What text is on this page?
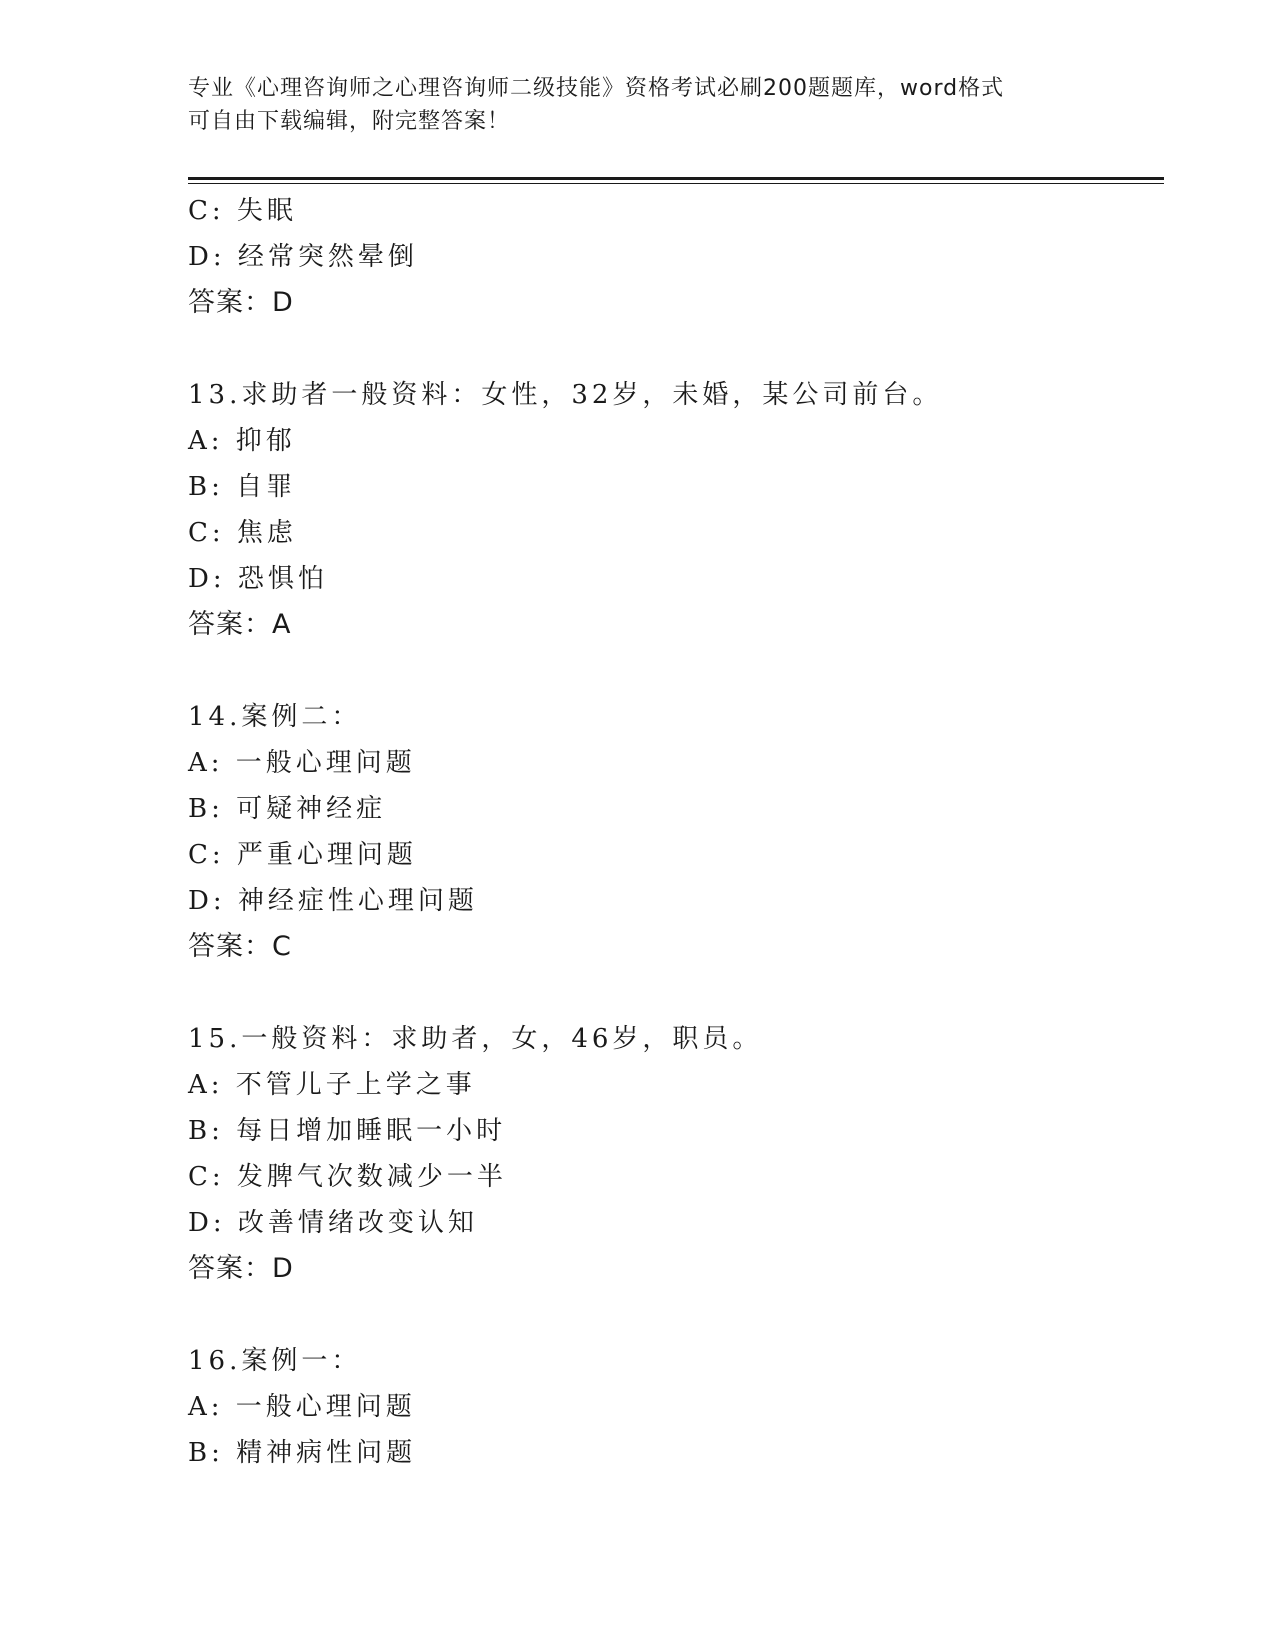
专业《心理咨询师之心理咨询师二级技能》资格考试必刷200题题库，word格式
可自由下载编辑，附完整答案！
C: 失眠
D: 经常突然晕倒
答案：D
13.求助者一般资料：女性，32岁，未婚，某公司前台。
A: 抑郁
B: 自罪
C: 焦虑
D: 恐惧怕
答案：A
14.案例二：
A: 一般心理问题
B: 可疑神经症
C: 严重心理问题
D: 神经症性心理问题
答案：C
15.一般资料：求助者，女，46岁，职员。
A: 不管儿子上学之事
B: 每日增加睡眠一小时
C: 发脾气次数减少一半
D: 改善情绪改变认知
答案：D
16.案例一：
A: 一般心理问题
B: 精神病性问题
